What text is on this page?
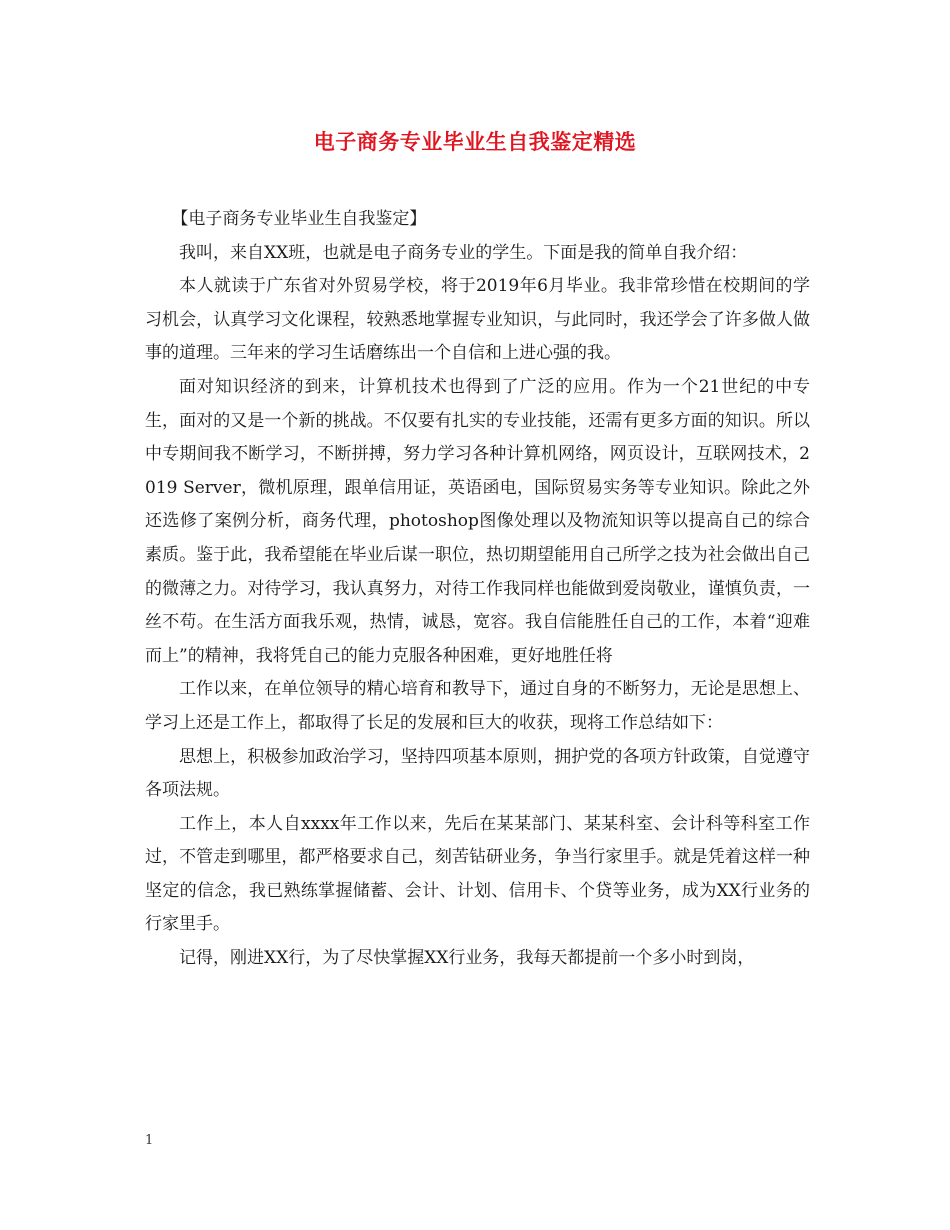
电子商务专业毕业生自我鉴定精选

【电子商务专业毕业生自我鉴定】

我叫，来自XX班，也就是电子商务专业的学生。下面是我的简单自我介绍：

本人就读于广东省对外贸易学校，将于2019年6月毕业。我非常珍惜在校期间的学习机会，认真学习文化课程，较熟悉地掌握专业知识，与此同时，我还学会了许多做人做事的道理。三年来的学习生话磨练出一个自信和上进心强的我。

面对知识经济的到来，计算机技术也得到了广泛的应用。作为一个21世纪的中专生，面对的又是一个新的挑战。不仅要有扎实的专业技能，还需有更多方面的知识。所以中专期间我不断学习，不断拼搏，努力学习各种计算机网络，网页设计，互联网技术，2019 Server，微机原理，跟单信用证，英语函电，国际贸易实务等专业知识。除此之外还选修了案例分析，商务代理，photoshop图像处理以及物流知识等以提高自己的综合素质。鉴于此，我希望能在毕业后谋一职位，热切期望能用自己所学之技为社会做出自己的微薄之力。对待学习，我认真努力，对待工作我同样也能做到爱岗敬业，谨慎负责，一丝不苟。在生活方面我乐观，热情，诚恳，宽容。我自信能胜任自己的工作，本着“迎难而上”的精神，我将凭自己的能力克服各种困难，更好地胜任将

工作以来，在单位领导的精心培育和教导下，通过自身的不断努力，无论是思想上、学习上还是工作上，都取得了长足的发展和巨大的收获，现将工作总结如下：

思想上，积极参加政治学习，坚持四项基本原则，拥护党的各项方针政策，自觉遵守各项法规。

工作上，本人自xxxx年工作以来，先后在某某部门、某某科室、会计科等科室工作过，不管走到哪里，都严格要求自己，刻苦钻研业务，争当行家里手。就是凭着这样一种坚定的信念，我已熟练掌握储蓄、会计、计划、信用卡、个贷等业务，成为XX行业务的行家里手。

记得，刚进XX行，为了尽快掌握XX行业务，我每天都提前一个多小时到岗，

1
